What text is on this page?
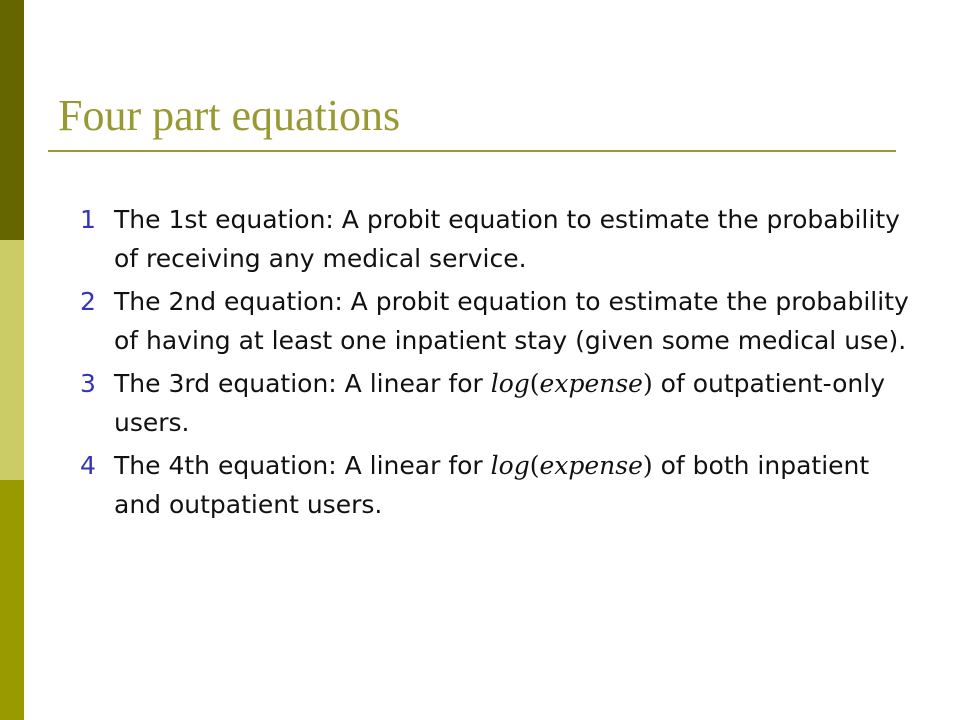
Four part equations
1 The 1st equation: A probit equation to estimate the probability of receiving any medical service.
2 The 2nd equation: A probit equation to estimate the probability of having at least one inpatient stay (given some medical use).
3 The 3rd equation: A linear for log(expense) of outpatient-only users.
4 The 4th equation: A linear for log(expense) of both inpatient and outpatient users.
